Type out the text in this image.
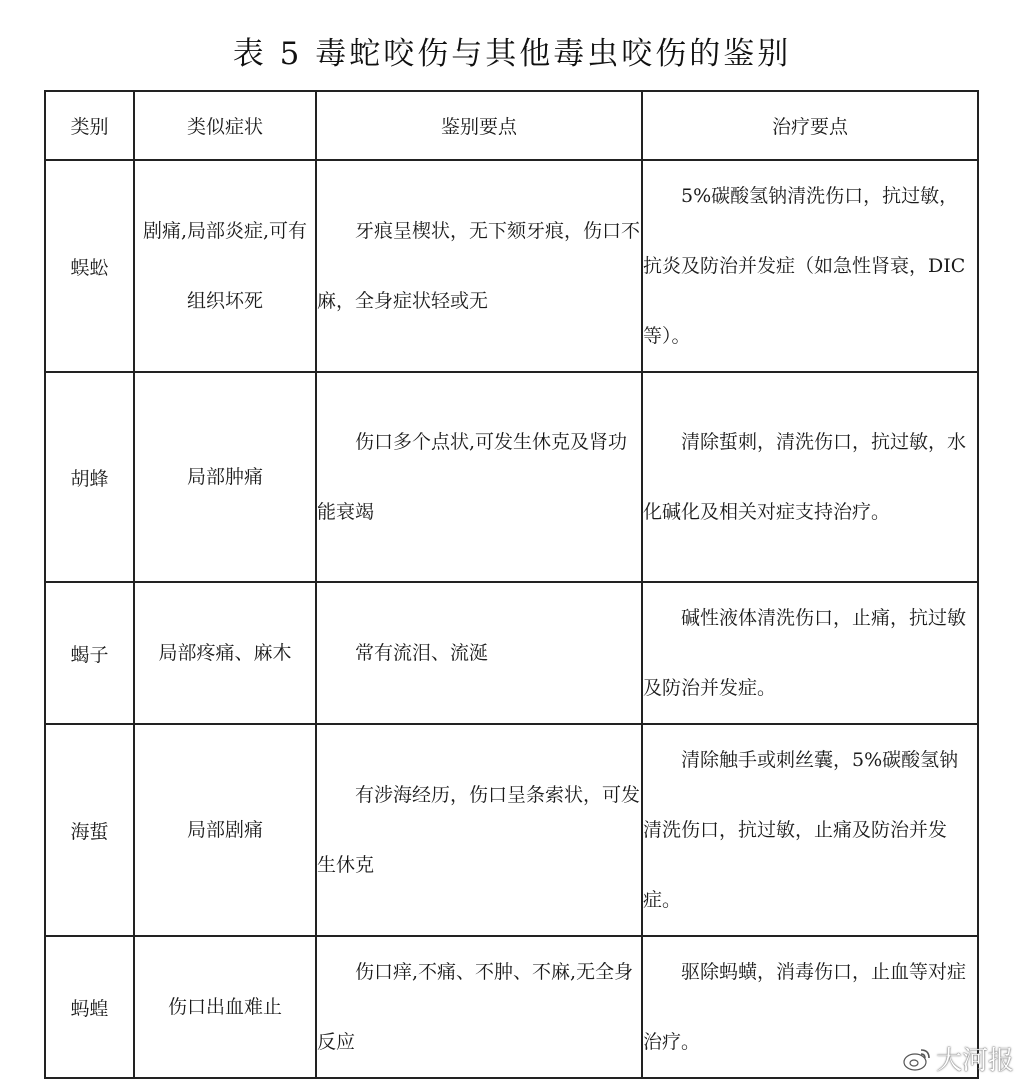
表 5 毒蛇咬伤与其他毒虫咬伤的鉴别
类别	类似症状	鉴别要点	治疗要点
蜈蚣	剧痛,局部炎症,可有组织坏死	牙痕呈楔状，无下颏牙痕，伤口不麻，全身症状轻或无	5%碳酸氢钠清洗伤口，抗过敏，抗炎及防治并发症（如急性肾衰，DIC 等）。
胡蜂	局部肿痛	伤口多个点状,可发生休克及肾功能衰竭	清除蜇刺，清洗伤口，抗过敏，水化碱化及相关对症支持治疗。
蝎子	局部疼痛、麻木	常有流泪、流涎	碱性液体清洗伤口，止痛，抗过敏及防治并发症。
海蜇	局部剧痛	有涉海经历，伤口呈条索状，可发生休克	清除触手或刺丝囊，5%碳酸氢钠清洗伤口，抗过敏，止痛及防治并发症。
蚂蝗	伤口出血难止	伤口痒,不痛、不肿、不麻,无全身反应	驱除蚂蟥，消毒伤口，止血等对症治疗。
大河报
